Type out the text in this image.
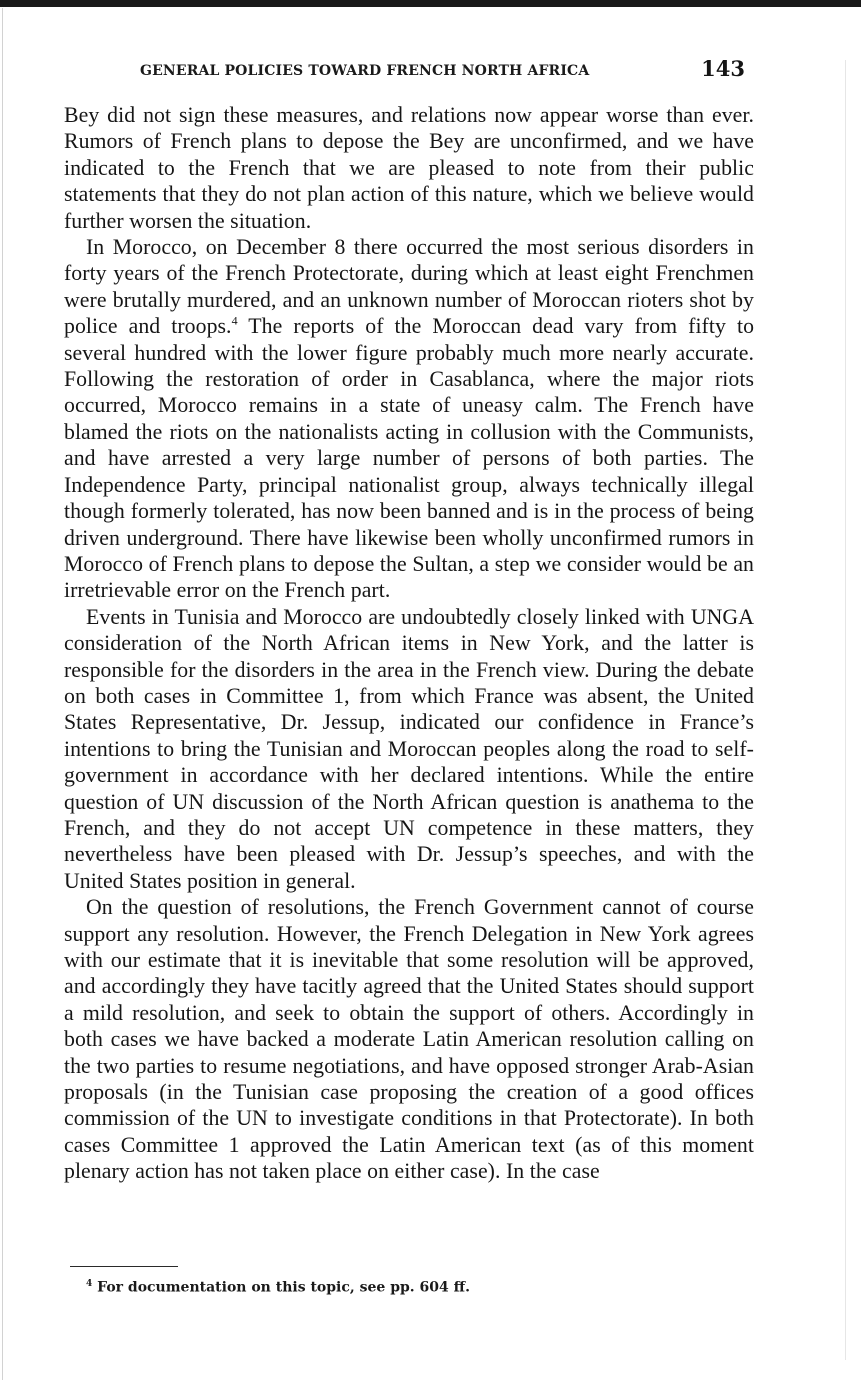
GENERAL POLICIES TOWARD FRENCH NORTH AFRICA	143

Bey did not sign these measures, and relations now appear worse than ever. Rumors of French plans to depose the Bey are unconfirmed, and we have indicated to the French that we are pleased to note from their public statements that they do not plan action of this nature, which we believe would further worsen the situation.

In Morocco, on December 8 there occurred the most serious disorders in forty years of the French Protectorate, during which at least eight Frenchmen were brutally murdered, and an unknown number of Moroccan rioters shot by police and troops.$^4$ The reports of the Moroccan dead vary from fifty to several hundred with the lower figure probably much more nearly accurate. Following the restoration of order in Casablanca, where the major riots occurred, Morocco remains in a state of uneasy calm. The French have blamed the riots on the nationalists acting in collusion with the Communists, and have arrested a very large number of persons of both parties. The Independence Party, principal nationalist group, always technically illegal though formerly tolerated, has now been banned and is in the process of being driven underground. There have likewise been wholly unconfirmed rumors in Morocco of French plans to depose the Sultan, a step we consider would be an irretrievable error on the French part.

Events in Tunisia and Morocco are undoubtedly closely linked with UNGA consideration of the North African items in New York, and the latter is responsible for the disorders in the area in the French view. During the debate on both cases in Committee 1, from which France was absent, the United States Representative, Dr. Jessup, indicated our confidence in France’s intentions to bring the Tunisian and Moroccan peoples along the road to self-government in accordance with her declared intentions. While the entire question of UN discussion of the North African question is anathema to the French, and they do not accept UN competence in these matters, they nevertheless have been pleased with Dr. Jessup’s speeches, and with the United States position in general.

On the question of resolutions, the French Government cannot of course support any resolution. However, the French Delegation in New York agrees with our estimate that it is inevitable that some resolution will be approved, and accordingly they have tacitly agreed that the United States should support a mild resolution, and seek to obtain the support of others. Accordingly in both cases we have backed a moderate Latin American resolution calling on the two parties to resume negotiations, and have opposed stronger Arab-Asian proposals (in the Tunisian case proposing the creation of a good offices commission of the UN to investigate conditions in that Protectorate). In both cases Committee 1 approved the Latin American text (as of this moment plenary action has not taken place on either case). In the case

$^4$ For documentation on this topic, see pp. 604 ff.
